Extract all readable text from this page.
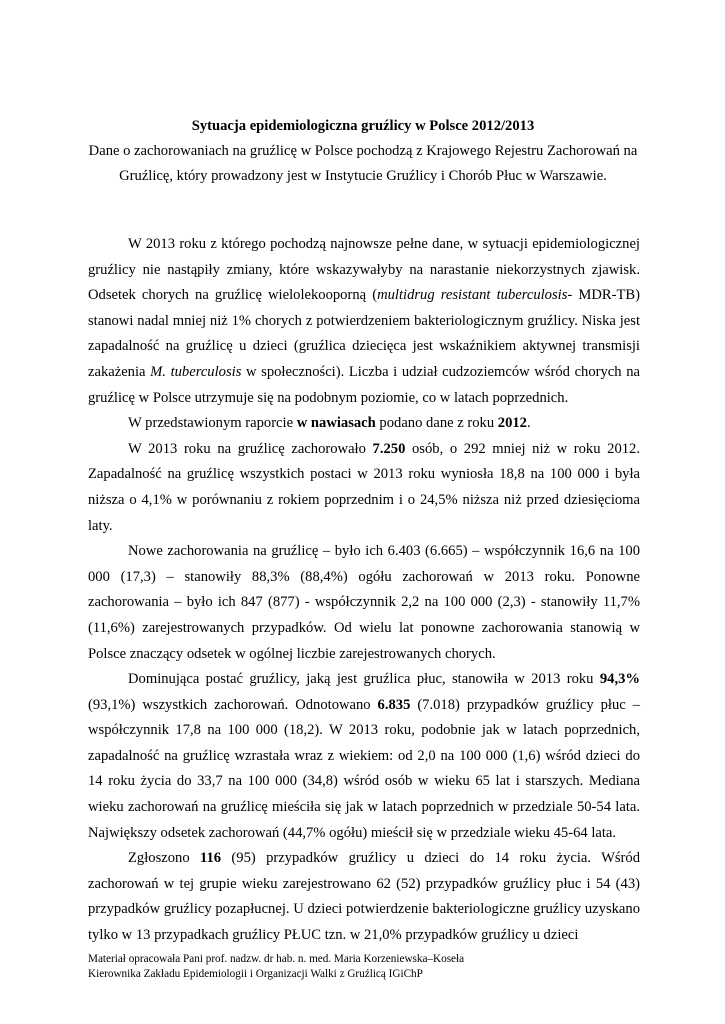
Sytuacja epidemiologiczna gruźlicy w Polsce 2012/2013
Dane o zachorowaniach na gruźlicę w Polsce pochodzą z Krajowego Rejestru Zachorowań na
Gruźlicę, który prowadzony jest w Instytucie Gruźlicy i Chorób Płuc w Warszawie.

W 2013 roku z którego pochodzą najnowsze pełne dane, w sytuacji epidemiologicznej gruźlicy nie nastąpiły zmiany, które wskazywałyby na narastanie niekorzystnych zjawisk. Odsetek chorych na gruźlicę wielolekooporną (multidrug resistant tuberculosis- MDR-TB) stanowi nadal mniej niż 1% chorych z potwierdzeniem bakteriologicznym gruźlicy. Niska jest zapadalność na gruźlicę u dzieci (gruźlica dziecięca jest wskaźnikiem aktywnej transmisji zakażenia M. tuberculosis w społeczności). Liczba i udział cudzoziemców wśród chorych na gruźlicę w Polsce utrzymuje się na podobnym poziomie, co w latach poprzednich.

W przedstawionym raporcie w nawiasach podano dane z roku 2012.

W 2013 roku na gruźlicę zachorowało 7.250 osób, o 292 mniej niż w roku 2012. Zapadalność na gruźlicę wszystkich postaci w 2013 roku wyniosła 18,8 na 100 000 i była niższa o 4,1% w porównaniu z rokiem poprzednim i o 24,5% niższa niż przed dziesięcioma laty.

Nowe zachorowania na gruźlicę – było ich 6.403 (6.665) – współczynnik 16,6 na 100 000 (17,3) – stanowiły 88,3% (88,4%) ogółu zachorowań w 2013 roku. Ponowne zachorowania – było ich 847 (877) - współczynnik 2,2 na 100 000 (2,3) - stanowiły 11,7% (11,6%) zarejestrowanych przypadków. Od wielu lat ponowne zachorowania stanowią w Polsce znaczący odsetek w ogólnej liczbie zarejestrowanych chorych.

Dominująca postać gruźlicy, jaką jest gruźlica płuc, stanowiła w 2013 roku 94,3% (93,1%) wszystkich zachorowań. Odnotowano 6.835 (7.018) przypadków gruźlicy płuc – współczynnik 17,8 na 100 000 (18,2). W 2013 roku, podobnie jak w latach poprzednich, zapadalność na gruźlicę wzrastała wraz z wiekiem: od 2,0 na 100 000 (1,6) wśród dzieci do 14 roku życia do 33,7 na 100 000 (34,8) wśród osób w wieku 65 lat i starszych. Mediana wieku zachorowań na gruźlicę mieściła się jak w latach poprzednich w przedziale 50-54 lata. Największy odsetek zachorowań (44,7% ogółu) mieścił się w przedziale wieku 45-64 lata.

Zgłoszono 116 (95) przypadków gruźlicy u dzieci do 14 roku życia. Wśród zachorowań w tej grupie wieku zarejestrowano 62 (52) przypadków gruźlicy płuc i 54 (43) przypadków gruźlicy pozapłucnej. U dzieci potwierdzenie bakteriologiczne gruźlicy uzyskano tylko w 13 przypadkach gruźlicy PŁUC tzn. w 21,0% przypadków gruźlicy u dzieci

Materiał opracowała Pani prof. nadzw. dr hab. n. med. Maria Korzeniewska–Koseła
Kierownika Zakładu Epidemiologii i Organizacji Walki z Gruźlicą IGiChP
